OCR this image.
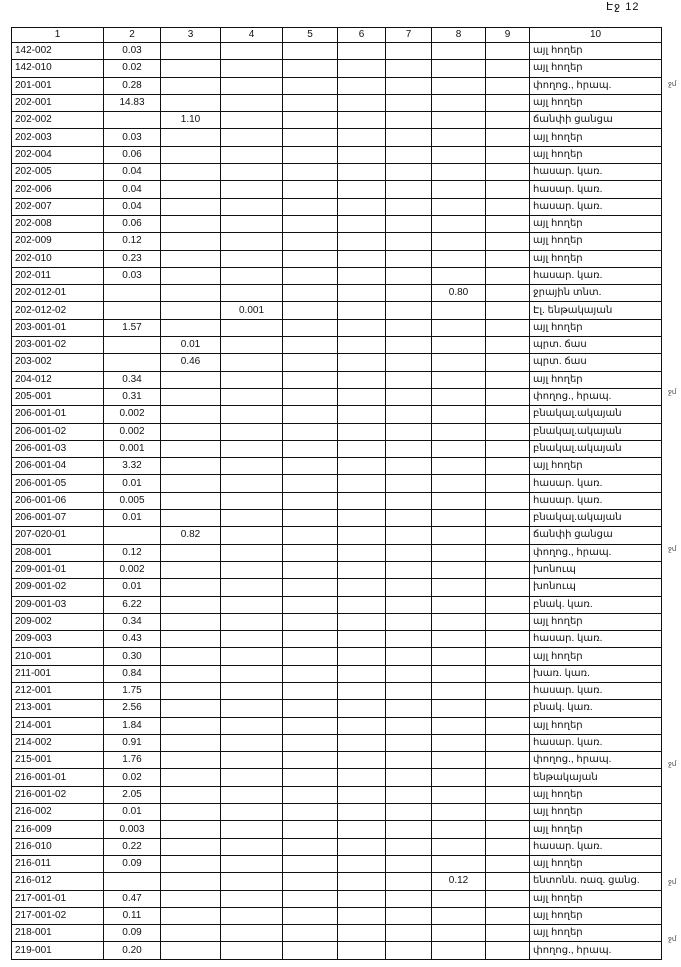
Էջ 12
1	2	3	4	5	6	7	8	9	10
142-002	0.03								այլ հողեր
142-010	0.02								այլ հողեր
201-001	0.28								փողոց., հրապ.
202-001	14.83								այլ հողեր
202-002		1.10							ճանփի ցանցա
202-003	0.03								այլ հողեր
202-004	0.06								այլ հողեր
202-005	0.04								հասար. կառ.
202-006	0.04								հասար. կառ.
202-007	0.04								հասար. կառ.
202-008	0.06								այլ հողեր
202-009	0.12								այլ հողեր
202-010	0.23								այլ հողեր
202-011	0.03								հասար. կառ.
202-012-01							0.80		ջրային տնտ.
202-012-02			0.001						Էլ. ենթակայան
203-001-01	1.57								այլ հողեր
203-001-02		0.01							պրտ. ճաս
203-002		0.46							պրտ. ճաս
204-012	0.34								այլ հողեր
205-001	0.31								փողոց., հրապ.
206-001-01	0.002								բնակալ.ակայան
206-001-02	0.002								բնակալ.ակայան
206-001-03	0.001								բնակալ.ակայան
206-001-04	3.32								այլ հողեր
206-001-05	0.01								հասար. կառ.
206-001-06	0.005								հասար. կառ.
206-001-07	0.01								բնակալ.ակայան
207-020-01		0.82							ճանփի ցանցա
208-001	0.12								փողոց., հրապ.
209-001-01	0.002								խոնուպ
209-001-02	0.01								խոնուպ
209-001-03	6.22								բնակ. կառ.
209-002	0.34								այլ հողեր
209-003	0.43								հասար. կառ.
210-001	0.30								այլ հողեր
211-001	0.84								խառ. կառ.
212-001	1.75								հասար. կառ.
213-001	2.56								բնակ. կառ.
214-001	1.84								այլ հողեր
214-002	0.91								հասար. կառ.
215-001	1.76								փողոց., հրապ.
216-001-01	0.02								ենթակայան
216-001-02	2.05								այլ հողեր
216-002	0.01								այլ հողեր
216-009	0.003								այլ հողեր
216-010	0.22								հասար. կառ.
216-011	0.09								այլ հողեր
216-012							0.12		ենտոնն. ռազ. ցանց.
217-001-01	0.47								այլ հողեր
217-001-02	0.11								այլ հողեր
218-001	0.09								այլ հողեր
219-001	0.20								փողոց., հրապ.
ջմ
ջմ
ջմ
ջմ
ջմ
ջմ
